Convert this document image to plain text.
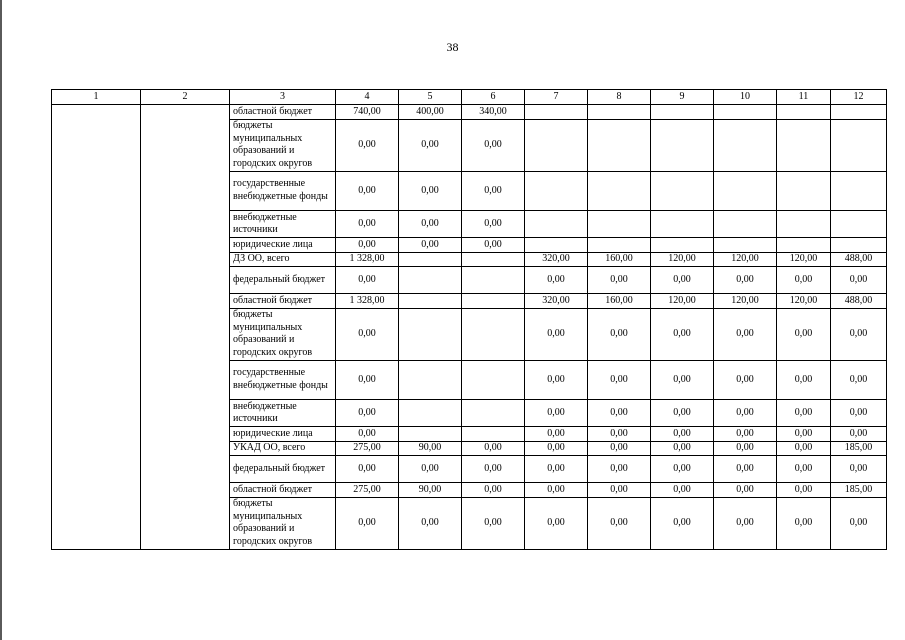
38
1	2	3	4	5	6	7	8	9	10	11	12
		областной бюджет	740,00	400,00	340,00						
		бюджеты муниципальных образований и городских округов	0,00	0,00	0,00						
		государственные внебюджетные фонды	0,00	0,00	0,00						
		внебюджетные источники	0,00	0,00	0,00						
		юридические лица	0,00	0,00	0,00						
		ДЗ ОО, всего	1 328,00			320,00	160,00	120,00	120,00	120,00	488,00
		федеральный бюджет	0,00			0,00	0,00	0,00	0,00	0,00	0,00
		областной бюджет	1 328,00			320,00	160,00	120,00	120,00	120,00	488,00
		бюджеты муниципальных образований и городских округов	0,00			0,00	0,00	0,00	0,00	0,00	0,00
		государственные внебюджетные фонды	0,00			0,00	0,00	0,00	0,00	0,00	0,00
		внебюджетные источники	0,00			0,00	0,00	0,00	0,00	0,00	0,00
		юридические лица	0,00			0,00	0,00	0,00	0,00	0,00	0,00
		УКАД ОО, всего	275,00	90,00	0,00	0,00	0,00	0,00	0,00	0,00	185,00
		федеральный бюджет	0,00	0,00	0,00	0,00	0,00	0,00	0,00	0,00	0,00
		областной бюджет	275,00	90,00	0,00	0,00	0,00	0,00	0,00	0,00	185,00
		бюджеты муниципальных образований и городских округов	0,00	0,00	0,00	0,00	0,00	0,00	0,00	0,00	0,00
